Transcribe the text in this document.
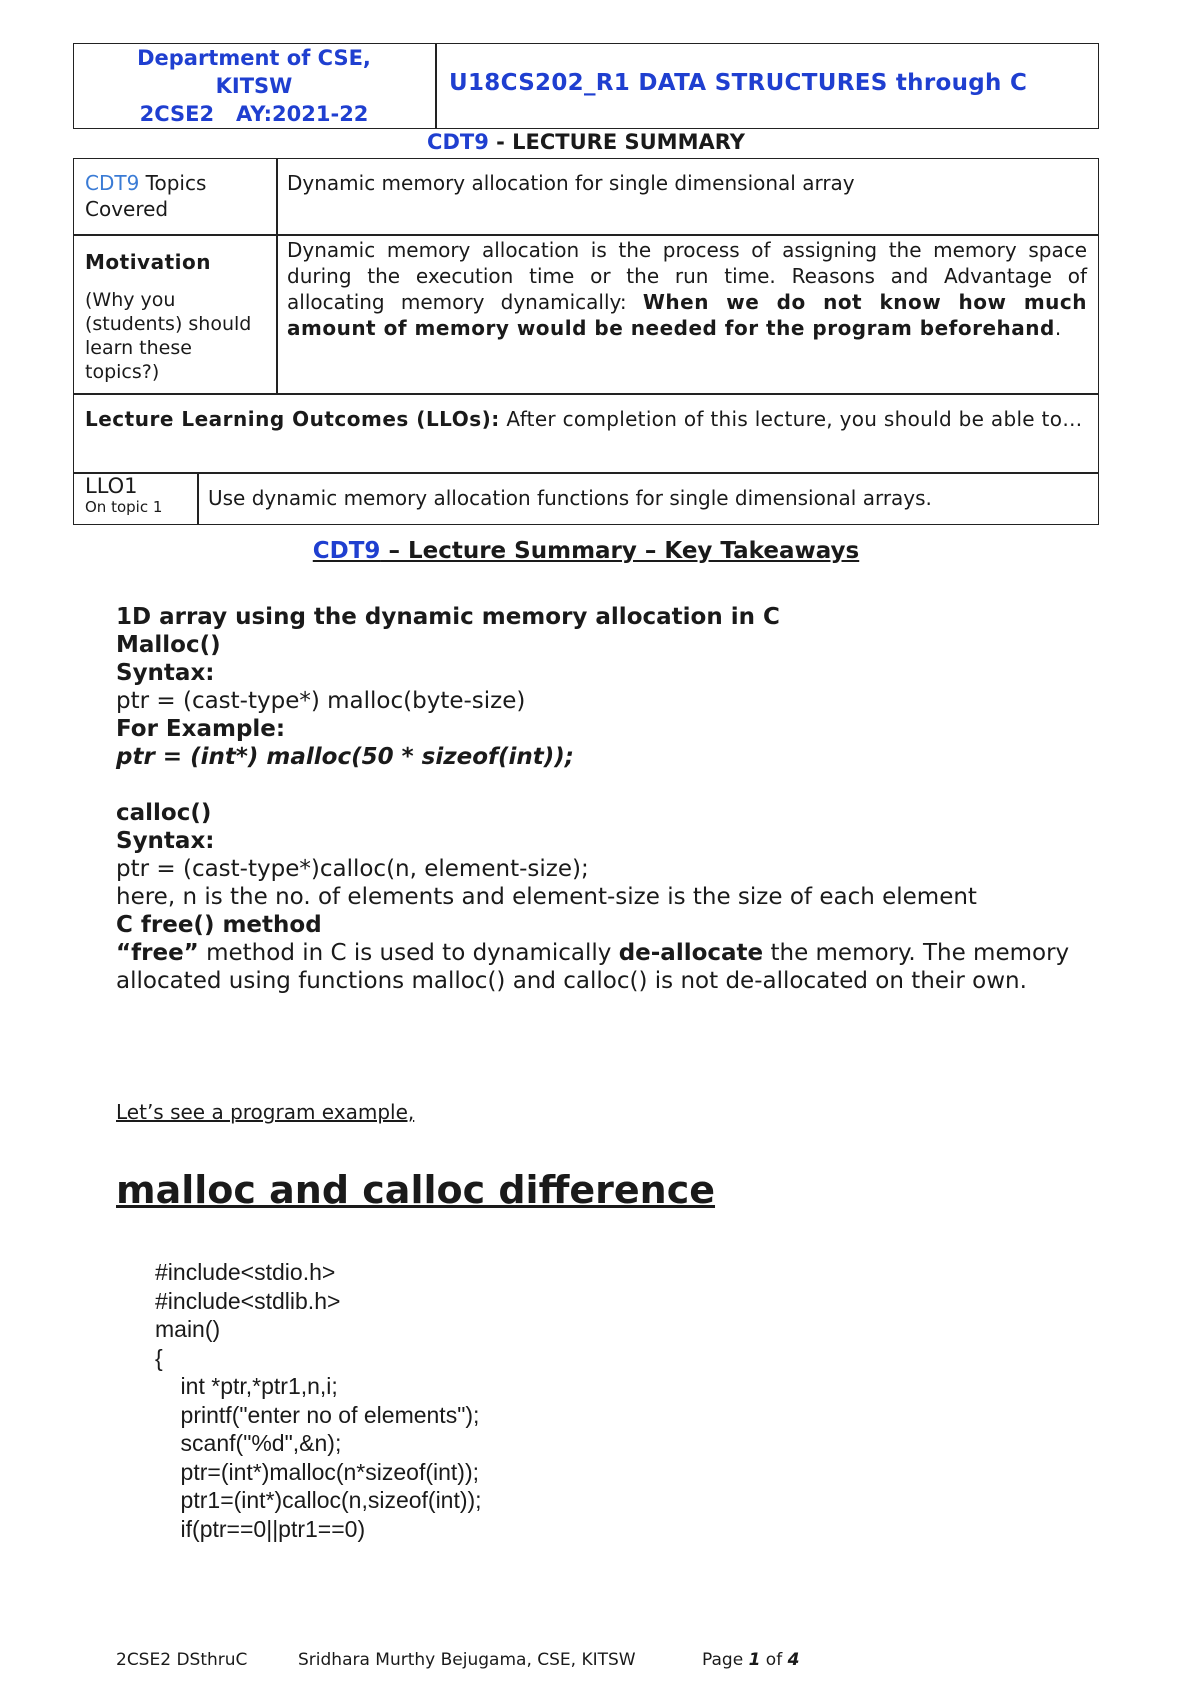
Department of CSE,
KITSW
2CSE2   AY:2021-22
U18CS202_R1 DATA STRUCTURES through C
CDT9 - LECTURE SUMMARY
CDT9 Topics Covered
Dynamic memory allocation for single dimensional array
Motivation
(Why you (students) should learn these topics?)
Dynamic memory allocation is the process of assigning the memory space during the execution time or the run time. Reasons and Advantage of allocating memory dynamically: When we do not know how much amount of memory would be needed for the program beforehand.
Lecture Learning Outcomes (LLOs): After completion of this lecture, you should be able to…
LLO1
On topic 1 Use dynamic memory allocation functions for single dimensional arrays.
CDT9 – Lecture Summary – Key Takeaways
1D array using the dynamic memory allocation in C
Malloc()
Syntax:
ptr = (cast-type*) malloc(byte-size)
For Example:
ptr = (int*) malloc(50 * sizeof(int));
calloc()
Syntax:
ptr = (cast-type*)calloc(n, element-size);
here, n is the no. of elements and element-size is the size of each element
C free() method
“free” method in C is used to dynamically de-allocate the memory. The memory allocated using functions malloc() and calloc() is not de-allocated on their own.
Let’s see a program example,
malloc and calloc difference
#include<stdio.h>
#include<stdlib.h>
main()
{
int *ptr,*ptr1,n,i;
printf("enter no of elements");
scanf("%d",&n);
ptr=(int*)malloc(n*sizeof(int));
ptr1=(int*)calloc(n,sizeof(int));
if(ptr==0||ptr1==0)
2CSE2 DSthruC	Sridhara Murthy Bejugama, CSE, KITSW	Page 1 of 4
